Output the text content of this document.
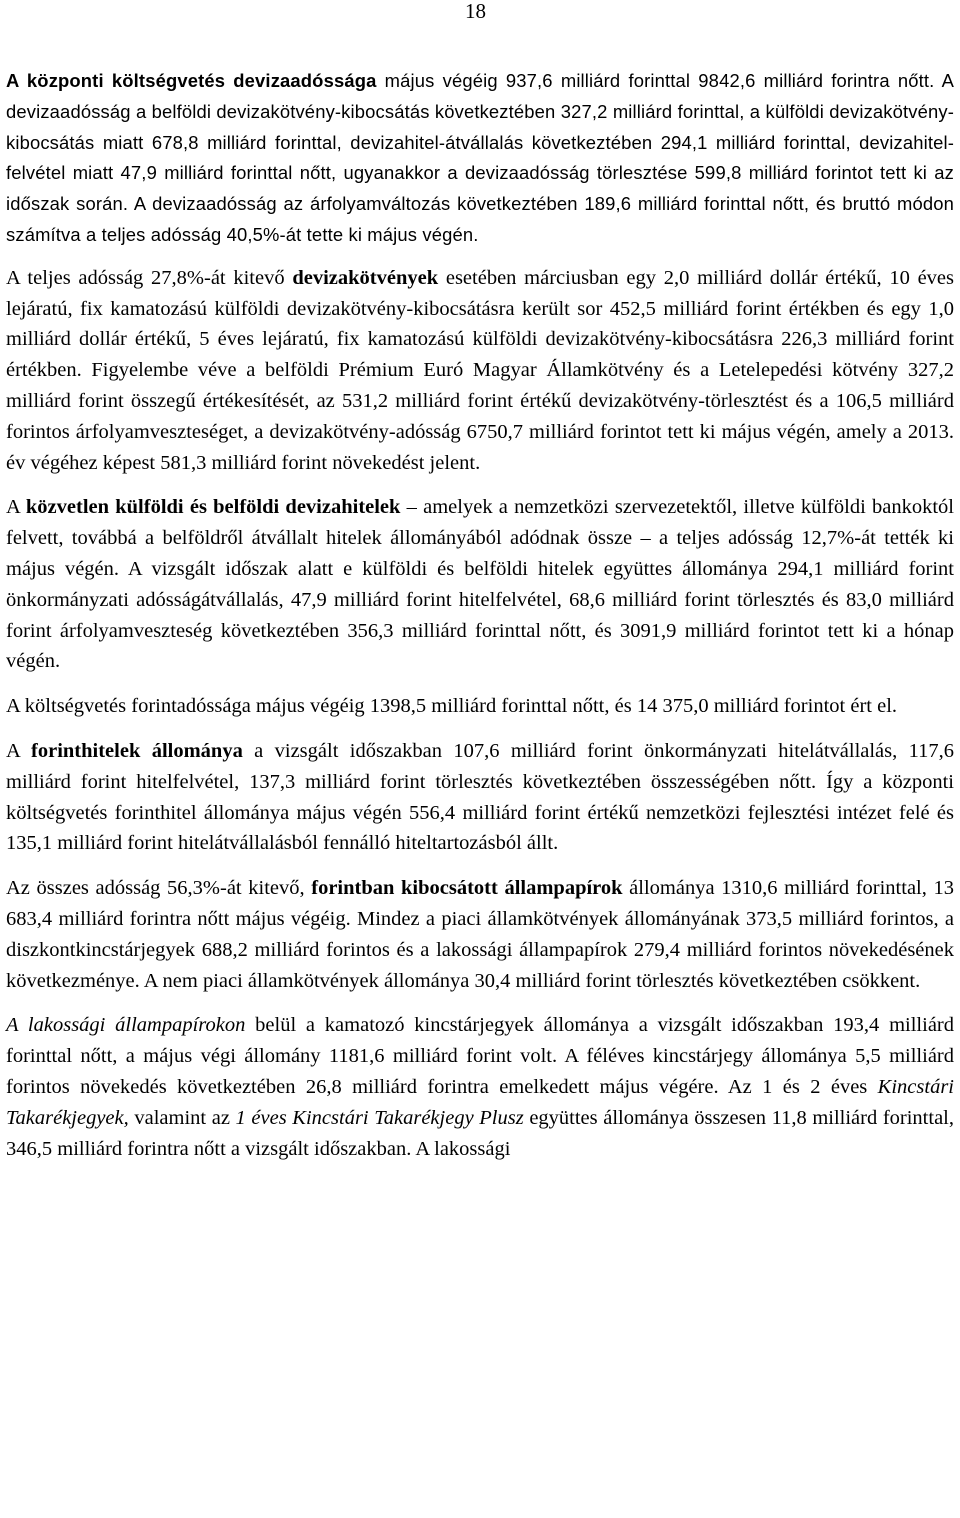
18

A központi költségvetés devizaadóssága május végéig 937,6 milliárd forinttal 9842,6 milliárd forintra nőtt. A devizaadósság a belföldi devizakötvény-kibocsátás következtében 327,2 milliárd forinttal, a külföldi devizakötvény-kibocsátás miatt 678,8 milliárd forinttal, devizahitel-átvállalás következtében 294,1 milliárd forinttal, devizahitel-felvétel miatt 47,9 milliárd forinttal nőtt, ugyanakkor a devizaadósság törlesztése 599,8 milliárd forintot tett ki az időszak során. A devizaadósság az árfolyamváltozás következtében 189,6 milliárd forinttal nőtt, és bruttó módon számítva a teljes adósság 40,5%-át tette ki május végén.

A teljes adósság 27,8%-át kitevő devizakötvények esetében márciusban egy 2,0 milliárd dollár értékű, 10 éves lejáratú, fix kamatozású külföldi devizakötvény-kibocsátásra került sor 452,5 milliárd forint értékben és egy 1,0 milliárd dollár értékű, 5 éves lejáratú, fix kamatozású külföldi devizakötvény-kibocsátásra 226,3 milliárd forint értékben. Figyelembe véve a belföldi Prémium Euró Magyar Államkötvény és a Letelepedési kötvény 327,2 milliárd forint összegű értékesítését, az 531,2 milliárd forint értékű devizakötvény-törlesztést és a 106,5 milliárd forintos árfolyamveszteséget, a devizakötvény-adósság 6750,7 milliárd forintot tett ki május végén, amely a 2013. év végéhez képest 581,3 milliárd forint növekedést jelent.

A közvetlen külföldi és belföldi devizahitelek – amelyek a nemzetközi szervezetektől, illetve külföldi bankoktól felvett, továbbá a belföldről átvállalt hitelek állományából adódnak össze – a teljes adósság 12,7%-át tették ki május végén. A vizsgált időszak alatt e külföldi és belföldi hitelek együttes állománya 294,1 milliárd forint önkormányzati adósságátvállalás, 47,9 milliárd forint hitelfelvétel, 68,6 milliárd forint törlesztés és 83,0 milliárd forint árfolyamveszteség következtében 356,3 milliárd forinttal nőtt, és 3091,9 milliárd forintot tett ki a hónap végén.

A költségvetés forintadóssága május végéig 1398,5 milliárd forinttal nőtt, és 14 375,0 milliárd forintot ért el.

A forinthitelek állománya a vizsgált időszakban 107,6 milliárd forint önkormányzati hitelátvállalás, 117,6 milliárd forint hitelfelvétel, 137,3 milliárd forint törlesztés következtében összességében nőtt. Így a központi költségvetés forinthitel állománya május végén 556,4 milliárd forint értékű nemzetközi fejlesztési intézet felé és 135,1 milliárd forint hitelátvállalásból fennálló hiteltartozásból állt.

Az összes adósság 56,3%-át kitevő, forintban kibocsátott állampapírok állománya 1310,6 milliárd forinttal, 13 683,4 milliárd forintra nőtt május végéig. Mindez a piaci államkötvények állományának 373,5 milliárd forintos, a diszkontkincstárjegyek 688,2 milliárd forintos és a lakossági állampapírok 279,4 milliárd forintos növekedésének következménye. A nem piaci államkötvények állománya 30,4 milliárd forint törlesztés következtében csökkent.

A lakossági állampapírokon belül a kamatozó kincstárjegyek állománya a vizsgált időszakban 193,4 milliárd forinttal nőtt, a május végi állomány 1181,6 milliárd forint volt. A féléves kincstárjegy állománya 5,5 milliárd forintos növekedés következtében 26,8 milliárd forintra emelkedett május végére. Az 1 és 2 éves Kincstári Takarékjegyek, valamint az 1 éves Kincstári Takarékjegy Plusz együttes állománya összesen 11,8 milliárd forinttal, 346,5 milliárd forintra nőtt a vizsgált időszakban. A lakossági
